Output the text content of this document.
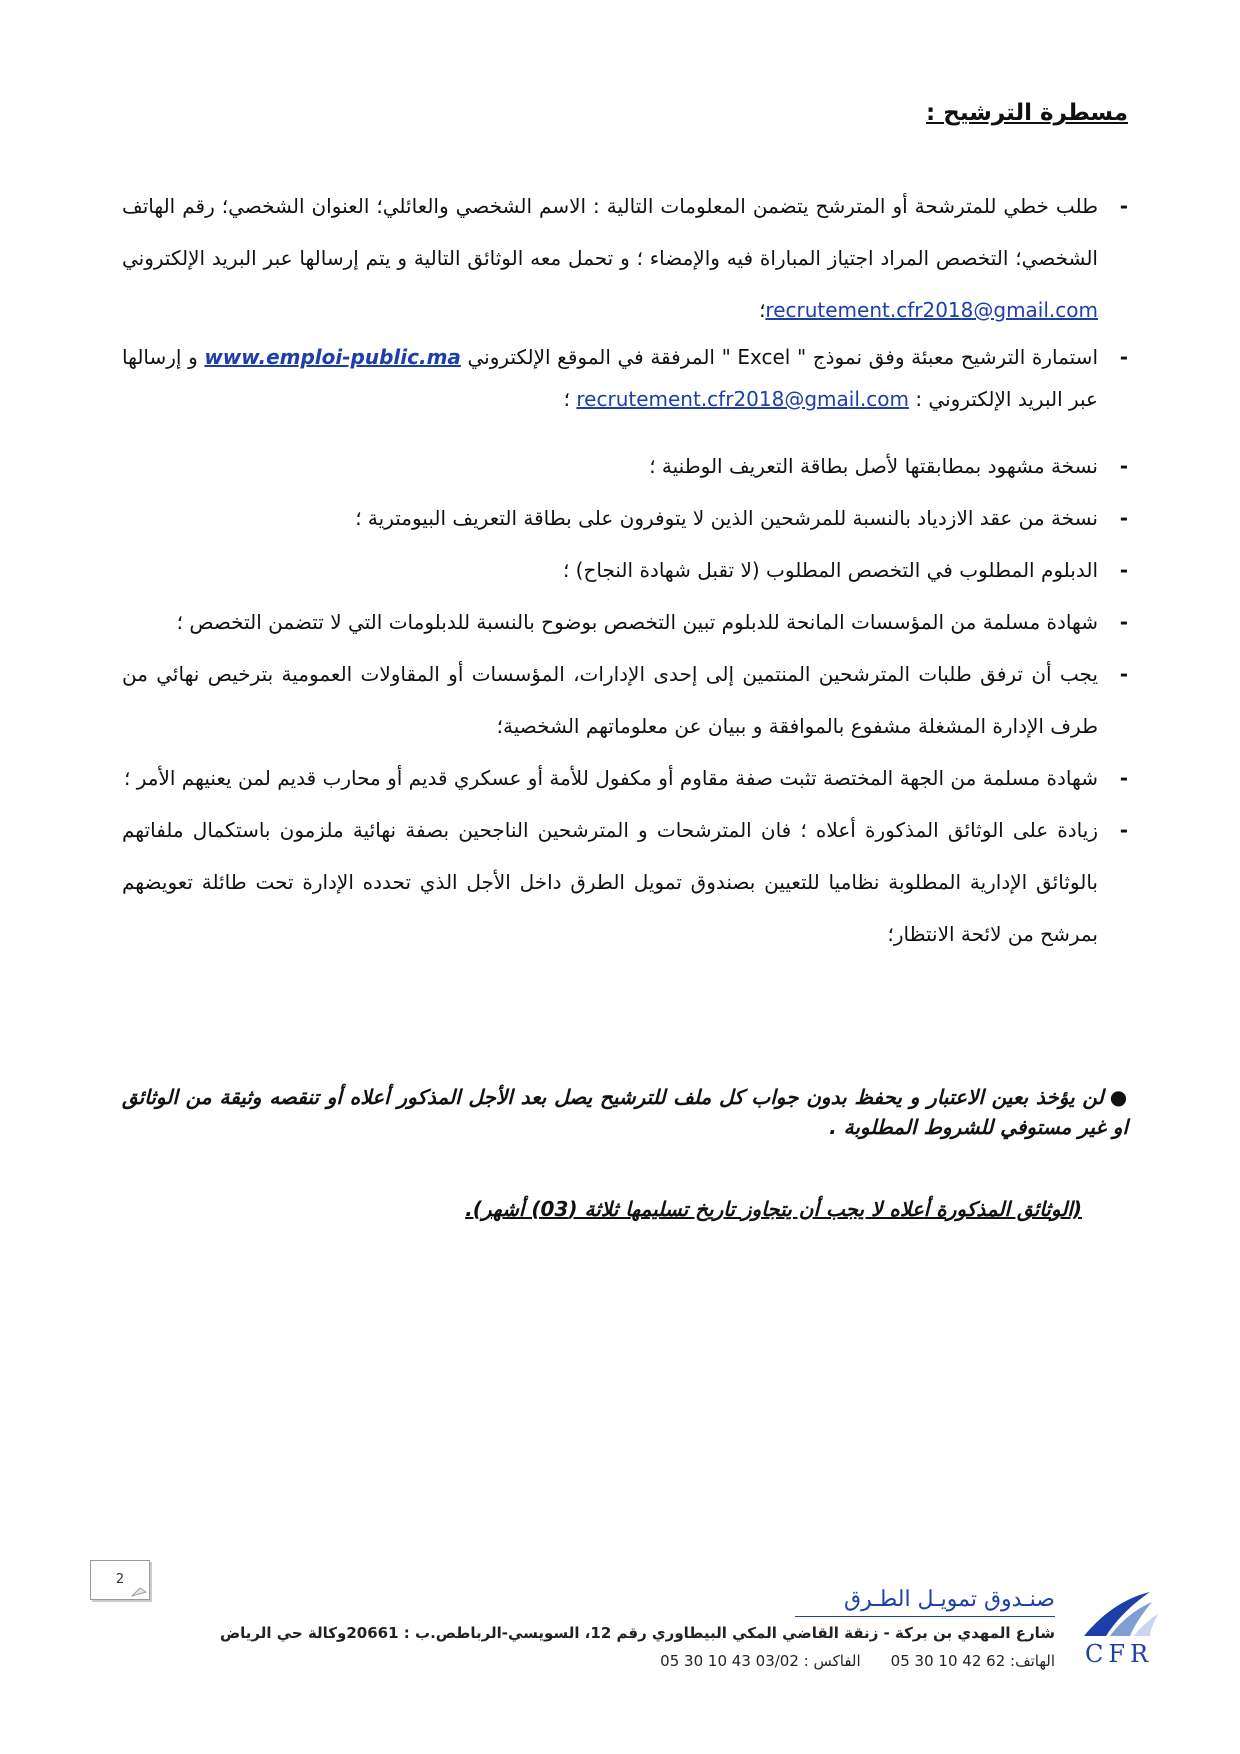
مسطرة الترشيح :
- طلب خطي للمترشحة أو المترشح يتضمن المعلومات التالية : الاسم الشخصي والعائلي؛ العنوان الشخصي؛ رقم الهاتف الشخصي؛ التخصص المراد اجتياز المباراة فيه والإمضاء ؛ و تحمل معه الوثائق التالية و يتم إرسالها عبر البريد الإلكتروني recrutement.cfr2018@gmail.com؛
- استمارة الترشيح معبئة وفق نموذج " Excel " المرفقة في الموقع الإلكتروني www.emploi-public.ma و إرسالها عبر البريد الإلكتروني : recrutement.cfr2018@gmail.com ؛
- نسخة مشهود بمطابقتها لأصل بطاقة التعريف الوطنية ؛
- نسخة من عقد الازدياد بالنسبة للمرشحين الذين لا يتوفرون على بطاقة التعريف البيومترية ؛
- الدبلوم المطلوب في التخصص المطلوب (لا تقبل شهادة النجاح) ؛
- شهادة مسلمة من المؤسسات المانحة للدبلوم تبين التخصص بوضوح بالنسبة للدبلومات التي لا تتضمن التخصص ؛
- يجب أن ترفق طلبات المترشحين المنتمين إلى إحدى الإدارات، المؤسسات أو المقاولات العمومية بترخيص نهائي من طرف الإدارة المشغلة مشفوع بالموافقة و ببيان عن معلوماتهم الشخصية؛
- شهادة مسلمة من الجهة المختصة تثبت صفة مقاوم أو مكفول للأمة أو عسكري قديم أو محارب قديم لمن يعنيهم الأمر ؛
- زيادة على الوثائق المذكورة أعلاه ؛ فان المترشحات و المترشحين الناجحين بصفة نهائية ملزمون باستكمال ملفاتهم بالوثائق الإدارية المطلوبة نظاميا للتعيين بصندوق تمويل الطرق داخل الأجل الذي تحدده الإدارة تحت طائلة تعويضهم بمرشح من لائحة الانتظار؛
●لن يؤخذ بعين الاعتبار و يحفظ بدون جواب كل ملف للترشيح يصل بعد الأجل المذكور أعلاه أو تنقصه وثيقة من الوثائق او غير مستوفي للشروط المطلوبة .
(الوثائق المذكورة أعلاه لا يجب أن يتجاوز تاريخ تسليمها ثلاثة (03) أشهر).
2
صنـدوق تمويـل الطـرق
شارع المهدي بن بركة - زنقة القاضي المكي البيطاوري رقم 12، السويسي-الرباطص.ب : 20661وكالة حي الرياض
الهاتف: 62 42 10 30 05الفاكس : 03/02 43 10 30 05	CFR
